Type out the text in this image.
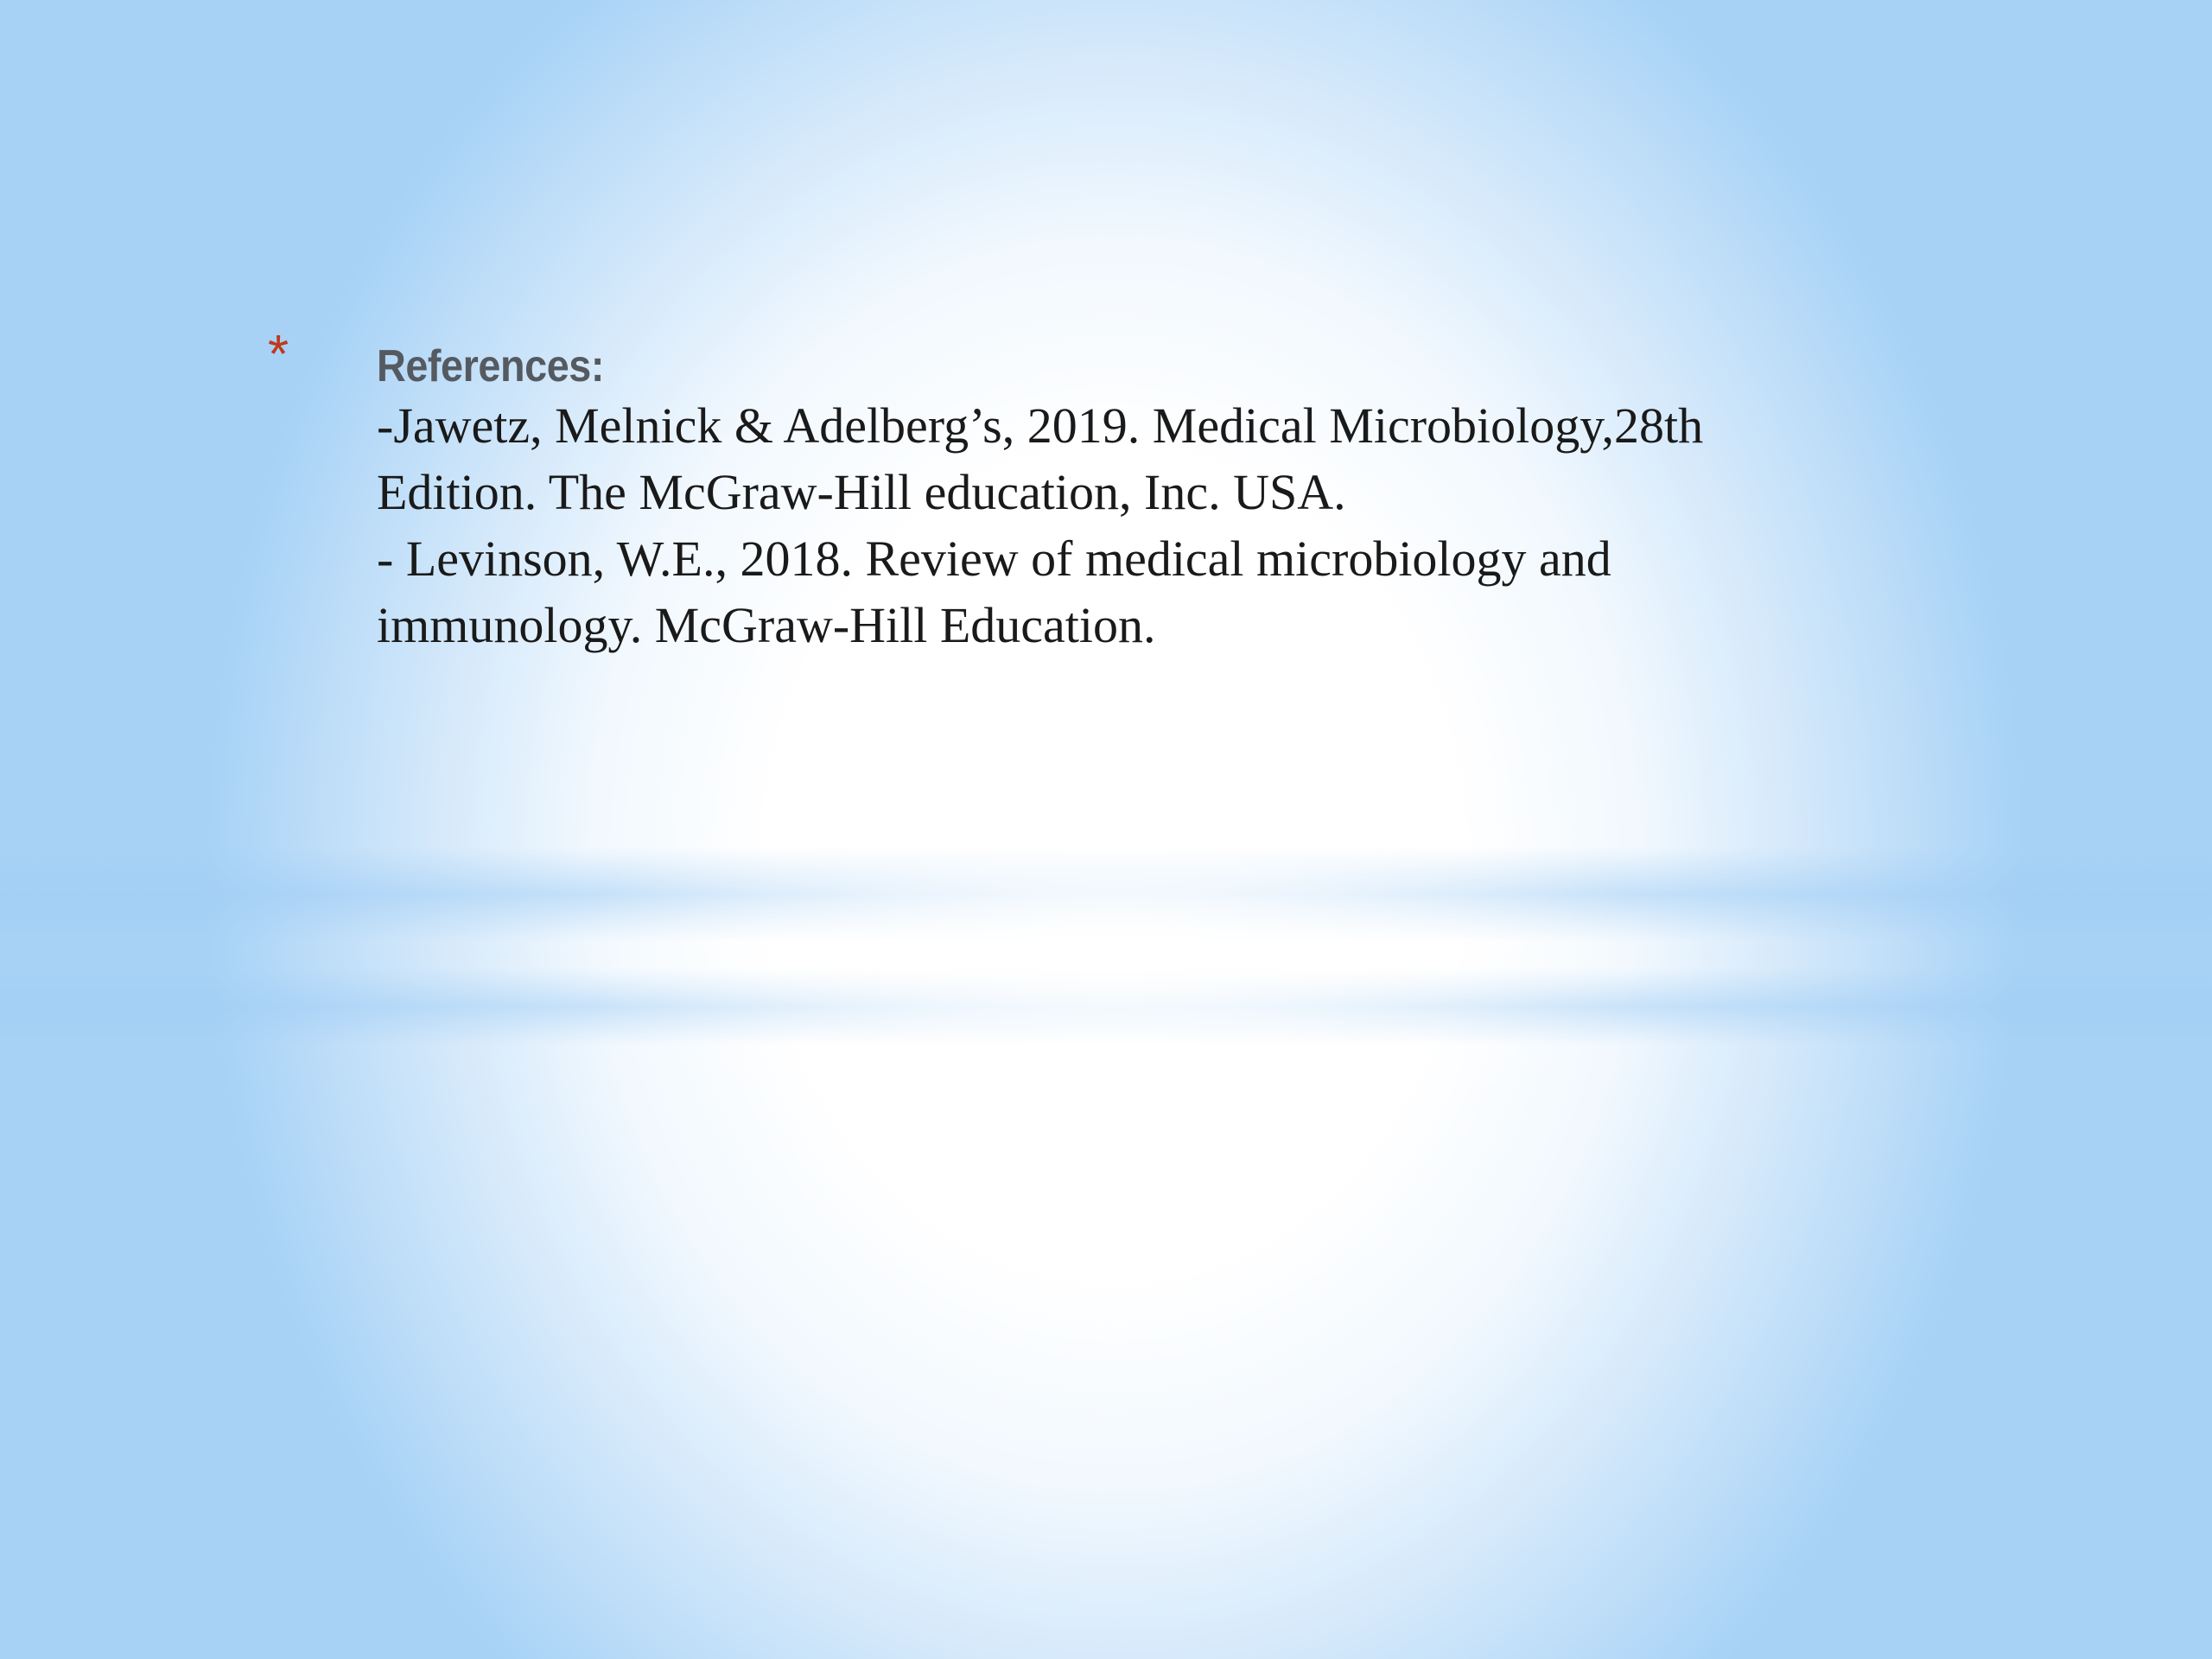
* References:

-Jawetz, Melnick & Adelberg’s, 2019. Medical Microbiology,28th

Edition. The McGraw-Hill education, Inc. USA.

- Levinson, W.E., 2018. Review of medical microbiology and

immunology. McGraw-Hill Education.
